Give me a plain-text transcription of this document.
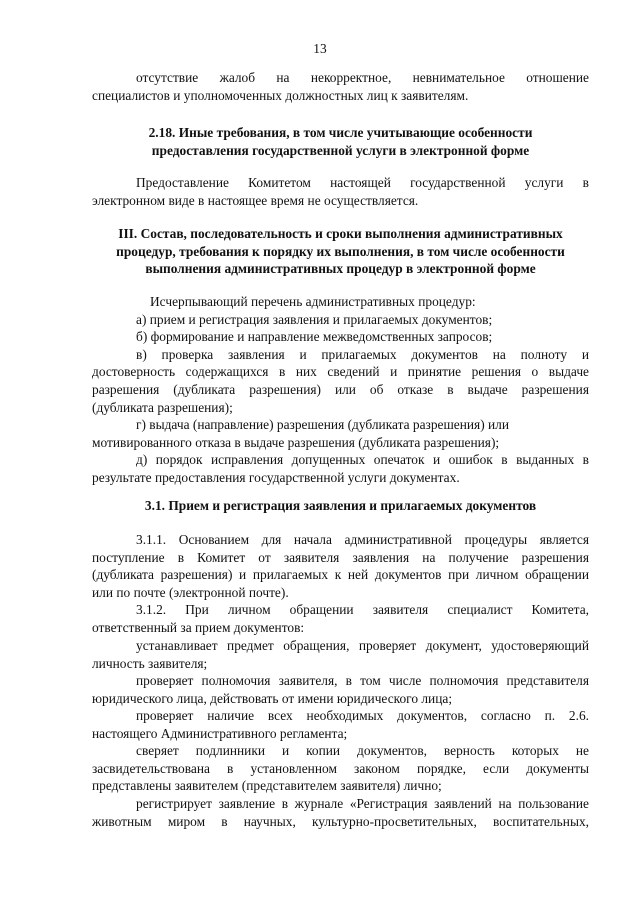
13
отсутствие жалоб на некорректное, невнимательное отношение
специалистов и уполномоченных должностных лиц к заявителям.
2.18. Иные требования, в том числе учитывающие особенности
предоставления государственной услуги в электронной форме
Предоставление Комитетом настоящей государственной услуги в
электронном виде в настоящее время не осуществляется.
III. Состав, последовательность и сроки выполнения административных
процедур, требования к порядку их выполнения, в том числе особенности
выполнения административных процедур в электронной форме
Исчерпывающий перечень административных процедур:
а) прием и регистрация заявления и прилагаемых документов;
б) формирование и направление межведомственных запросов;
в) проверка заявления и прилагаемых документов на полноту и
достоверность содержащихся в них сведений и принятие решения о выдаче
разрешения (дубликата разрешения) или об отказе в выдаче разрешения
(дубликата разрешения);
г) выдача (направление) разрешения (дубликата разрешения) или
мотивированного отказа в выдаче разрешения (дубликата разрешения);
д) порядок исправления допущенных опечаток и ошибок в выданных в
результате предоставления государственной услуги документах.
3.1. Прием и регистрация заявления и прилагаемых документов
3.1.1. Основанием для начала административной процедуры является
поступление в Комитет от заявителя заявления на получение разрешения
(дубликата разрешения) и прилагаемых к ней документов при личном обращении
или по почте (электронной почте).
3.1.2. При личном обращении заявителя специалист Комитета,
ответственный за прием документов:
устанавливает предмет обращения, проверяет документ, удостоверяющий
личность заявителя;
проверяет полномочия заявителя, в том числе полномочия представителя
юридического лица, действовать от имени юридического лица;
проверяет наличие всех необходимых документов, согласно п. 2.6.
настоящего Административного регламента;
сверяет подлинники и копии документов, верность которых не
засвидетельствована в установленном законом порядке, если документы
представлены заявителем (представителем заявителя) лично;
регистрирует заявление в журнале «Регистрация заявлений на пользование
животным миром в научных, культурно-просветительных, воспитательных,
